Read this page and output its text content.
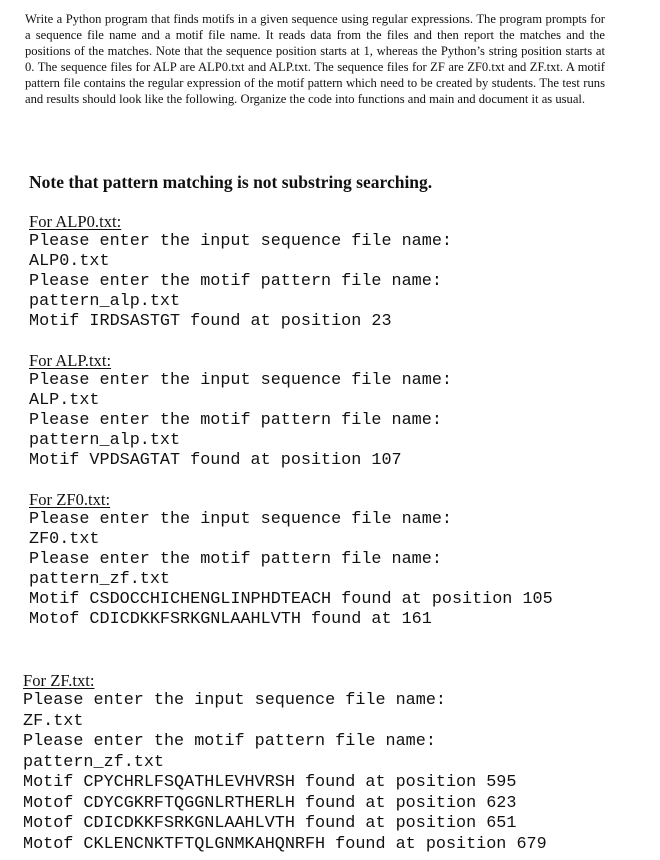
Write a Python program that finds motifs in a given sequence using regular expressions. The program prompts for a sequence file name and a motif file name. It reads data from the files and then report the matches and the positions of the matches. Note that the sequence position starts at 1, whereas the Python’s string position starts at 0. The sequence files for ALP are ALP0.txt and ALP.txt. The sequence files for ZF are ZF0.txt and ZF.txt. A motif pattern file contains the regular expression of the motif pattern which need to be created by students. The test runs and results should look like the following. Organize the code into functions and main and document it as usual.

Note that pattern matching is not substring searching.
For ALP0.txt:
Please enter the input sequence file name:
ALP0.txt
Please enter the motif pattern file name:
pattern_alp.txt
Motif IRDSASTGT found at position 23
For ALP.txt:
Please enter the input sequence file name:
ALP.txt
Please enter the motif pattern file name:
pattern_alp.txt
Motif VPDSAGTAT found at position 107
For ZF0.txt:
Please enter the input sequence file name:
ZF0.txt
Please enter the motif pattern file name:
pattern_zf.txt
Motif CSDOCCHICHENGLINPHDTEACH found at position 105
Motof CDICDKKFSRKGNLAAHLVTH found at 161
For ZF.txt:
Please enter the input sequence file name:
ZF.txt
Please enter the motif pattern file name:
pattern_zf.txt
Motif CPYCHRLFSQATHLEVHVRSH found at position 595
Motof CDYCGKRFTQGGNLRTHERLH found at position 623
Motof CDICDKKFSRKGNLAAHLVTH found at position 651
Motof CKLENCNKTFTQLGNMKAHQNRFH found at position 679
